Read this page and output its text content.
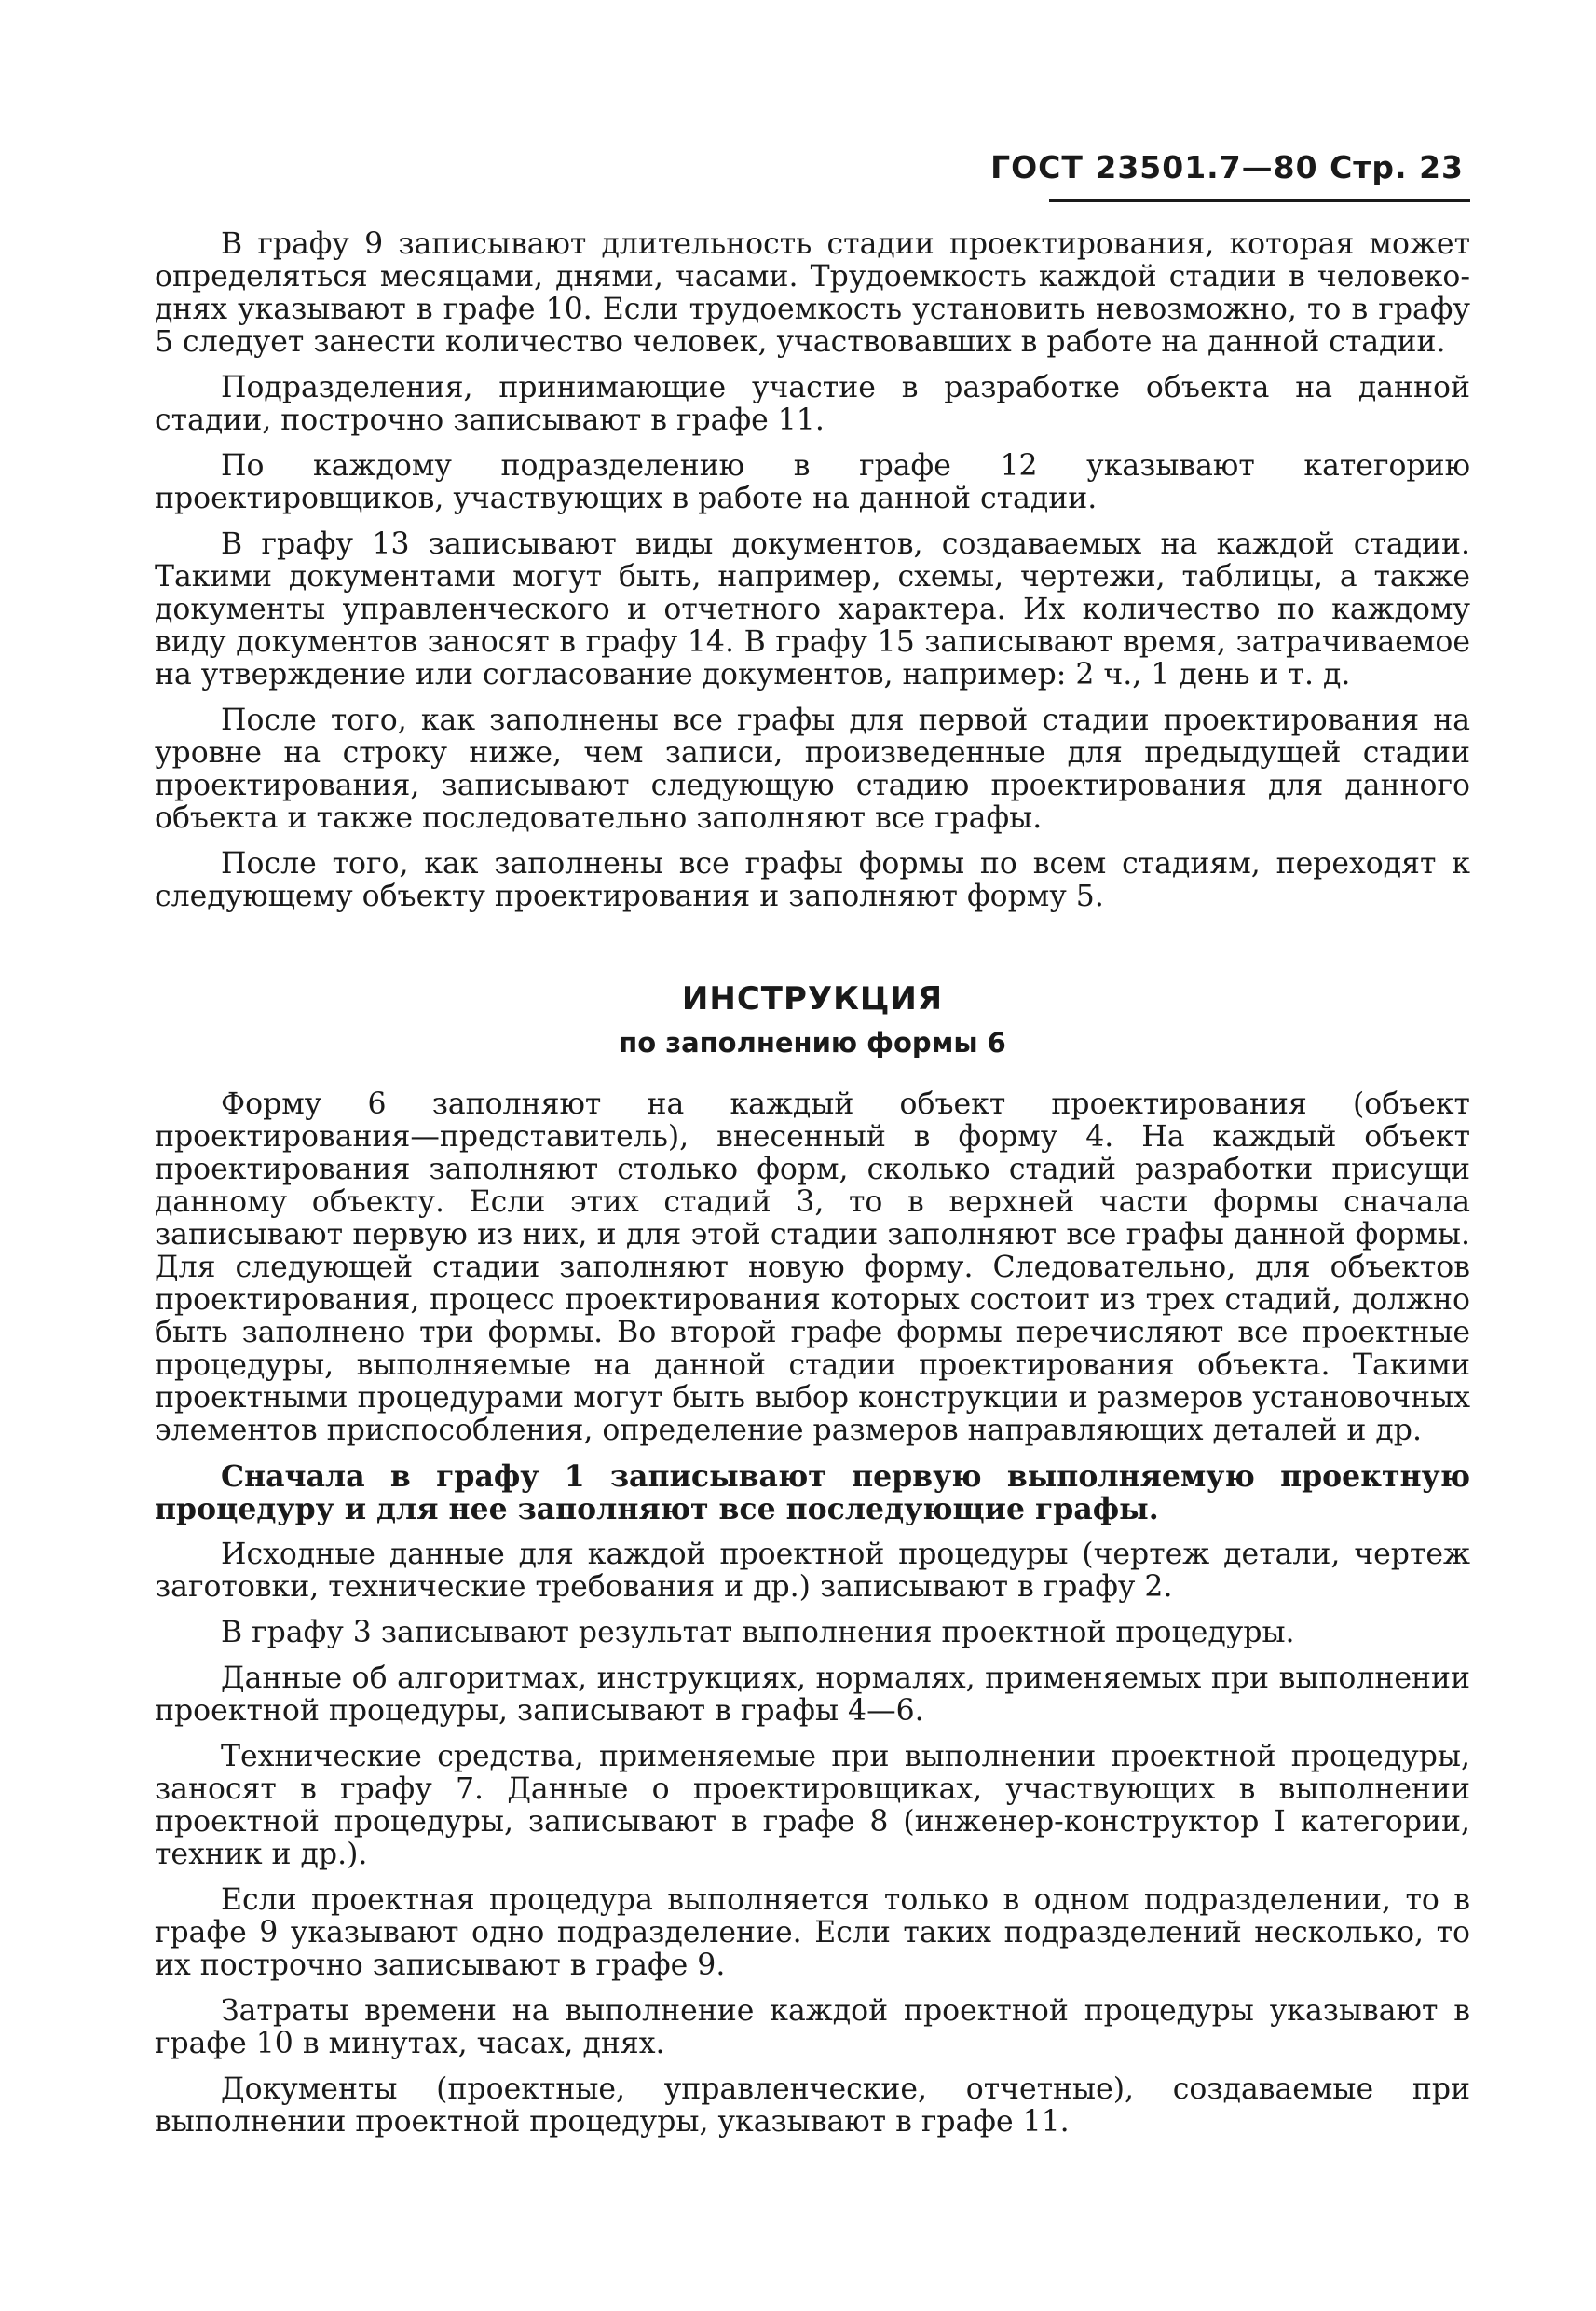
ГОСТ 23501.7—80 Стр. 23

В графу 9 записывают длительность стадии проектирования, которая может определяться месяцами, днями, часами. Трудоемкость каждой стадии в человеко-днях указывают в графе 10. Если трудоемкость установить невозможно, то в графу 5 следует занести количество человек, участвовавших в работе на данной стадии.

Подразделения, принимающие участие в разработке объекта на данной стадии, построчно записывают в графе 11.

По каждому подразделению в графе 12 указывают категорию проектировщиков, участвующих в работе на данной стадии.

В графу 13 записывают виды документов, создаваемых на каждой стадии. Такими документами могут быть, например, схемы, чертежи, таблицы, а также документы управленческого и отчетного характера. Их количество по каждому виду документов заносят в графу 14. В графу 15 записывают время, затрачиваемое на утверждение или согласование документов, например: 2 ч., 1 день и т. д.

После того, как заполнены все графы для первой стадии проектирования на уровне на строку ниже, чем записи, произведенные для предыдущей стадии проектирования, записывают следующую стадию проектирования для данного объекта и также последовательно заполняют все графы.

После того, как заполнены все графы формы по всем стадиям, переходят к следующему объекту проектирования и заполняют форму 5.

ИНСТРУКЦИЯ
по заполнению формы 6

Форму 6 заполняют на каждый объект проектирования (объект проектирования—представитель), внесенный в форму 4. На каждый объект проектирования заполняют столько форм, сколько стадий разработки присущи данному объекту. Если этих стадий 3, то в верхней части формы сначала записывают первую из них, и для этой стадии заполняют все графы данной формы. Для следующей стадии заполняют новую форму. Следовательно, для объектов проектирования, процесс проектирования которых состоит из трех стадий, должно быть заполнено три формы. Во второй графе формы перечисляют все проектные процедуры, выполняемые на данной стадии проектирования объекта. Такими проектными процедурами могут быть выбор конструкции и размеров установочных элементов приспособления, определение размеров направляющих деталей и др.

Сначала в графу 1 записывают первую выполняемую проектную процедуру и для нее заполняют все последующие графы.

Исходные данные для каждой проектной процедуры (чертеж детали, чертеж заготовки, технические требования и др.) записывают в графу 2.

В графу 3 записывают результат выполнения проектной процедуры.

Данные об алгоритмах, инструкциях, нормалях, применяемых при выполнении проектной процедуры, записывают в графы 4—6.

Технические средства, применяемые при выполнении проектной процедуры, заносят в графу 7. Данные о проектировщиках, участвующих в выполнении проектной процедуры, записывают в графе 8 (инженер-конструктор I категории, техник и др.).

Если проектная процедура выполняется только в одном подразделении, то в графе 9 указывают одно подразделение. Если таких подразделений несколько, то их построчно записывают в графе 9.

Затраты времени на выполнение каждой проектной процедуры указывают в графе 10 в минутах, часах, днях.

Документы (проектные, управленческие, отчетные), создаваемые при выполнении проектной процедуры, указывают в графе 11.
